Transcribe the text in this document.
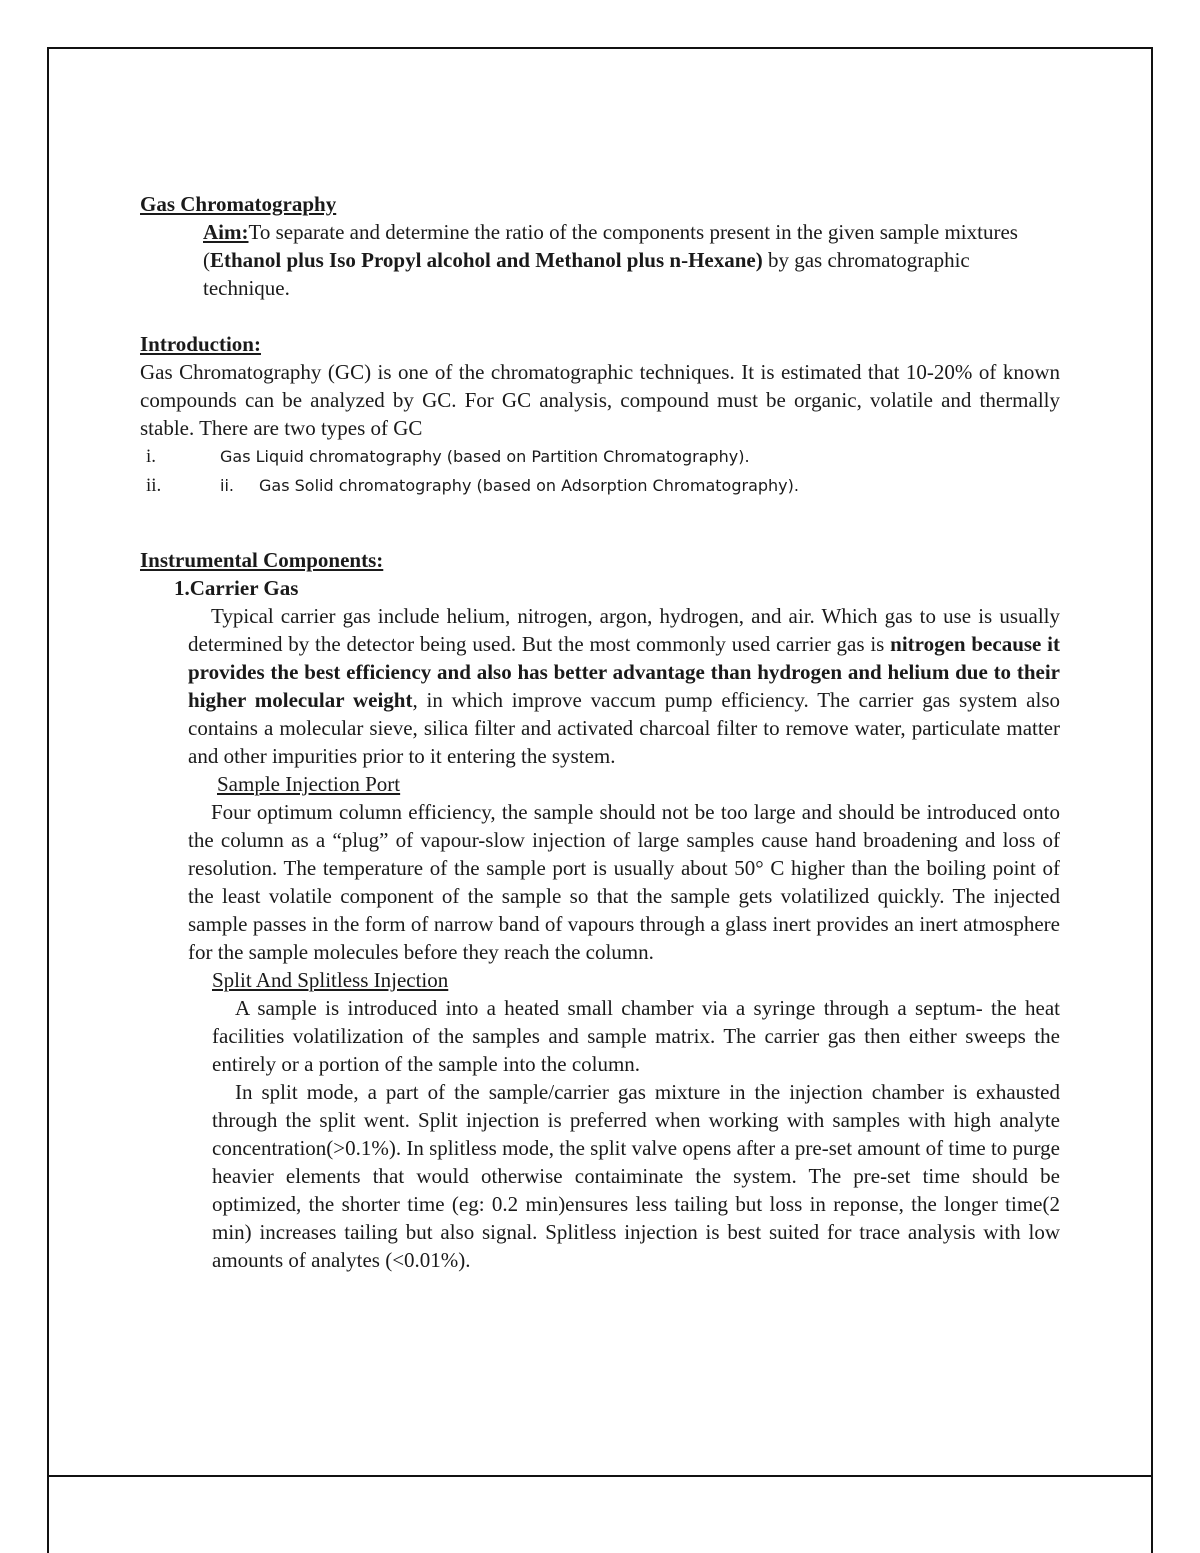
Gas Chromatography

Aim:To separate and determine the ratio of the components present in the given sample mixtures (Ethanol plus Iso Propyl alcohol and Methanol plus n-Hexane) by gas chromatographic technique.

Introduction:

Gas Chromatography (GC) is one of the chromatographic techniques. It is estimated that 10-20% of known compounds can be analyzed by GC. For GC analysis, compound must be organic, volatile and thermally stable. There are two types of GC

i.	Gas Liquid chromatography (based on Partition Chromatography).
ii.	ii. Gas Solid chromatography (based on Adsorption Chromatography).
Instrumental Components:
1.Carrier Gas

Typical carrier gas include helium, nitrogen, argon, hydrogen, and air. Which gas to use is usually determined by the detector being used. But the most commonly used carrier gas is nitrogen because it provides the best efficiency and also has better advantage than hydrogen and helium due to their higher molecular weight, in which improve vaccum pump efficiency. The carrier gas system also contains a molecular sieve, silica filter and activated charcoal filter to remove water, particulate matter and other impurities prior to it entering the system.

Sample Injection Port

Four optimum column efficiency, the sample should not be too large and should be introduced onto the column as a “plug” of vapour-slow injection of large samples cause hand broadening and loss of resolution. The temperature of the sample port is usually about 50° C higher than the boiling point of the least volatile component of the sample so that the sample gets volatilized quickly. The injected sample passes in the form of narrow band of vapours through a glass inert provides an inert atmosphere for the sample molecules before they reach the column.

Split And Splitless Injection

A sample is introduced into a heated small chamber via a syringe through a septum- the heat facilities volatilization of the samples and sample matrix. The carrier gas then either sweeps the entirely or a portion of the sample into the column.

In split mode, a part of the sample/carrier gas mixture in the injection chamber is exhausted through the split went. Split injection is preferred when working with samples with high analyte concentration(>0.1%). In splitless mode, the split valve opens after a pre-set amount of time to purge heavier elements that would otherwise contaiminate the system. The pre-set time should be optimized, the shorter time (eg: 0.2 min)ensures less tailing but loss in reponse, the longer time(2 min) increases tailing but also signal. Splitless injection is best suited for trace analysis with low amounts of analytes (<0.01%).
